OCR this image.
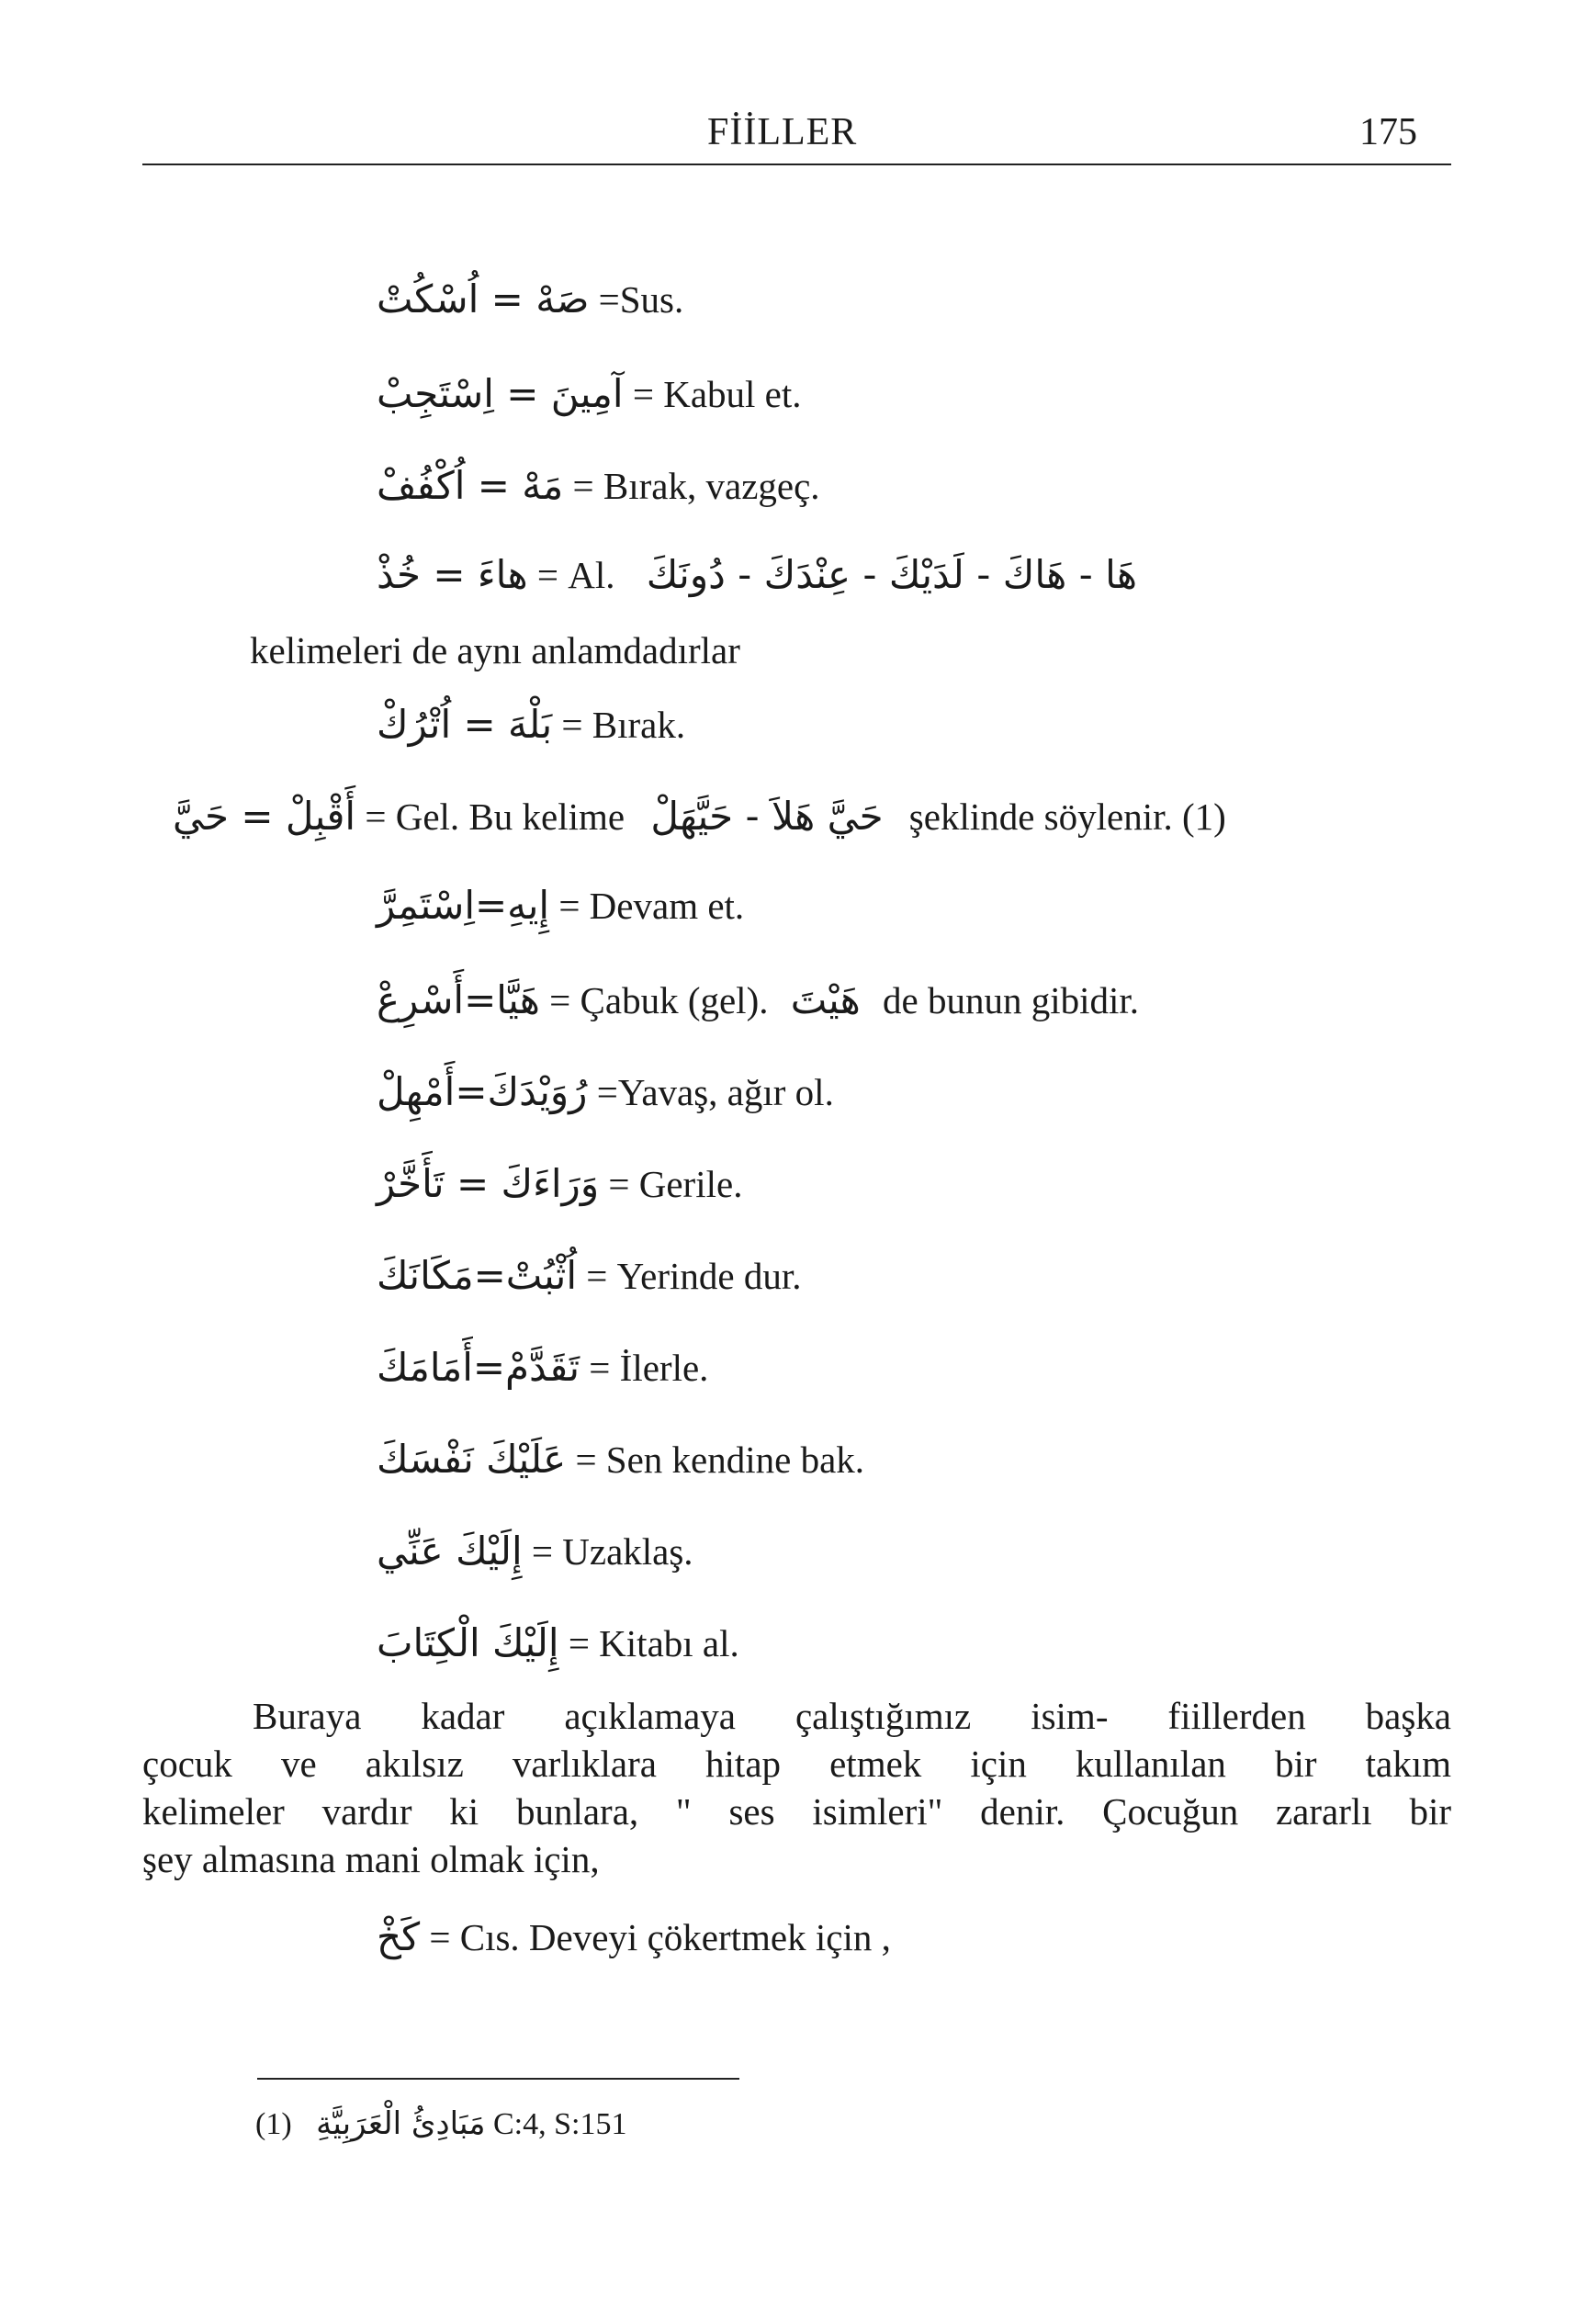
FİİLLER	175
صَهْ = اُسْكُتْ =Sus.
آمِينَ = اِسْتَجِبْ = Kabul et.
مَهْ = اُكْفُفْ = Bırak, vazgeç.
هاءَ = خُذْ = Al. هَا - هَاكَ - لَدَيْكَ - عِنْدَكَ - دُونَكَ
kelimeleri de aynı anlamdadırlar
بَلْهَ = اُتْرُكْ = Bırak.
أَقْبِلْ = حَيَّ = Gel. Bu kelime حَيَّ هَلاَ - حَيَّهَلْ şeklinde söylenir. (1)
إِيهِ=اِسْتَمِرَّ = Devam et.
هَيَّا=أَسْرِعْ = Çabuk (gel). هَيْتَ de bunun gibidir.
رُوَيْدَكَ=أَمْهِلْ =Yavaş, ağır ol.
وَرَاءَكَ = تَأَخَّرْ = Gerile.
اُثْبُتْ=مَكَانَكَ = Yerinde dur.
تَقَدَّمْ=أَمَامَكَ = İlerle.
عَلَيْكَ نَفْسَكَ = Sen kendine bak.
إِلَيْكَ عَنِّي = Uzaklaş.
إِلَيْكَ الْكِتَابَ = Kitabı al.
Buraya kadar açıklamaya çalıştığımız isim- fiillerden başka
çocuk ve akılsız varlıklara hitap etmek için kullanılan bir takım
kelimeler vardır ki bunlara, " ses isimleri" denir. Çocuğun zararlı bir
şey almasına mani olmak için,
كَخْ = Cıs. Deveyi çökertmek için ,
(1) مَبَادِئُ الْعَرَبِيَّةِ C:4, S:151
